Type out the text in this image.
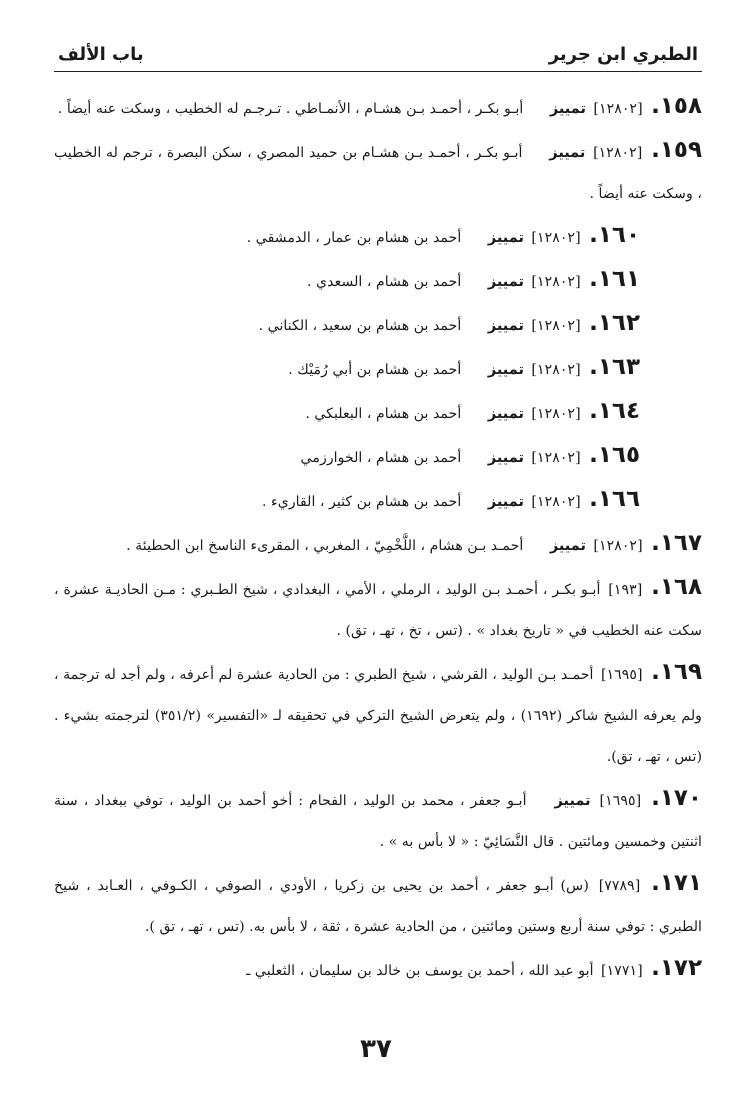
الطبري ابن جرير
باب الألف
١٥٨. [١٢٨٠٢] تمييز أبـو بكـر ، أحمـد بـن هشـام ، الأنمـاطي . تـرجـم له الخطيب ، وسكت عنه أيضاً .
١٥٩. [١٢٨٠٢] تمييز أبـو بكـر ، أحمـد بـن هشـام بن حميد المصري ، سكن البصرة ، ترجم له الخطيب ، وسكت عنه أيضاً .
١٦٠. [١٢٨٠٢] تمييز أحمد بن هشام بن عمار ، الدمشقي .
١٦١. [١٢٨٠٢] تمييز أحمد بن هشام ، السعدي .
١٦٢. [١٢٨٠٢] تمييز أحمد بن هشام بن سعيد ، الكناني .
١٦٣. [١٢٨٠٢] تمييز أحمد بن هشام بن أبي رُمَيْك .
١٦٤. [١٢٨٠٢] تمييز أحمد بن هشام ، البعلبكي .
١٦٥. [١٢٨٠٢] تمييز أحمد بن هشام ، الخوارزمي
١٦٦. [١٢٨٠٢] تمييز أحمد بن هشام بن كثير ، القاريء .
١٦٧. [١٢٨٠٢] تمييز أحمـد بـن هشام ، اللَّخْمِيّ ، المغربي ، المقرىء الناسخ ابن الحطيئة .
١٦٨. [١٩٣] أبـو بكـر ، أحمـد بـن الوليد ، الرملي ، الأمي ، البغدادي ، شيخ الطـبري : مـن الحاديـة عشرة ، سكت عنه الخطيب في « تاريخ بغداد » . (تس ، تخ ، تهـ ، تق) .
١٦٩. [١٦٩٥] أحمـد بـن الوليد ، القرشي ، شيخ الطبري : من الحادية عشرة لم أعرفه ، ولم أجد له ترجمة ، ولم يعرفه الشيخ شاكر (١٦٩٢) ، ولم يتعرض الشيخ التركي في تحقيقه لـ «التفسير» (٣٥١/٢) لترجمته بشيء . (تس ، تهـ ، تق).
١٧٠. [١٦٩٥] تمييز أبـو جعفر ، محمد بن الوليد ، الفحام : أخو أحمد بن الوليد ، توفي ببغداد ، سنة اثنتين وخمسين ومائتين . قال النَّسَائِيّ : « لا بأس به » .
١٧١. [٧٧٨٩] (س) أبـو جعفر ، أحمد بن يحيى بن زكريا ، الأودي ، الصوفي ، الكـوفي ، العـابد ، شيخ الطبري : توفي سنة أربع وستين ومائتين ، من الحادية عشرة ، ثقة ، لا بأس به. (تس ، تهـ ، تق ).
١٧٢. [١٧٧١] أبو عبد الله ، أحمد بن يوسف بن خالد بن سليمان ، الثعلبي ـ
٣٧
